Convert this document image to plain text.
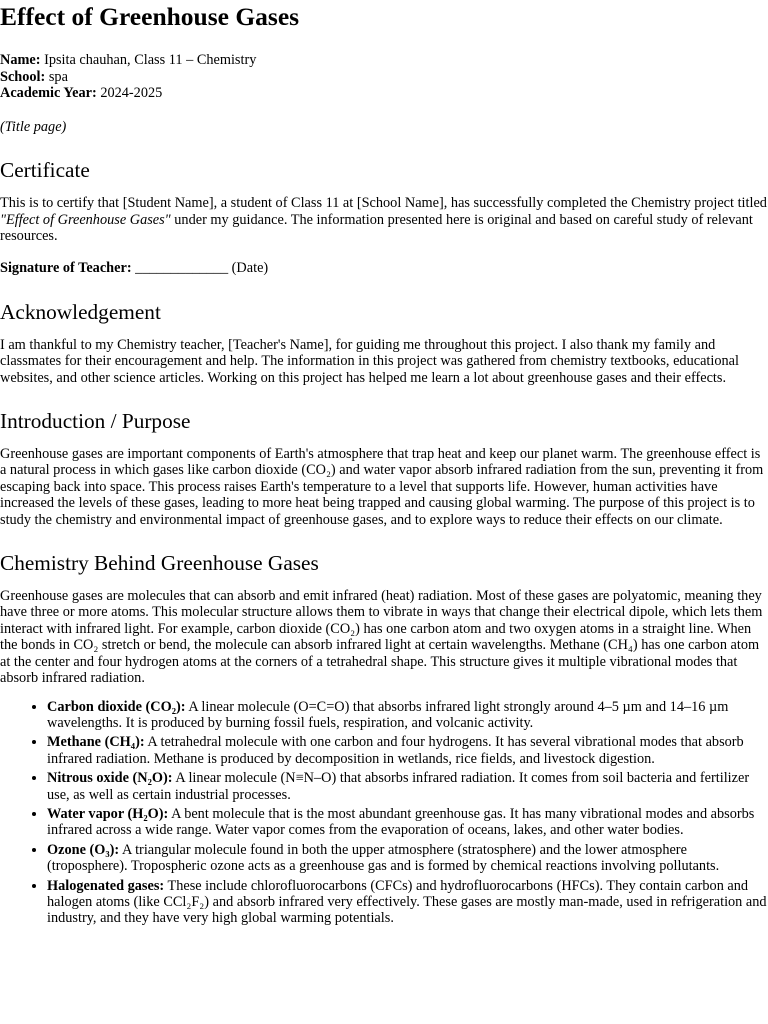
Effect of Greenhouse Gases
Name: Ipsita chauhan, Class 11 – Chemistry
School: spa
Academic Year: 2024-2025

(Title page)

Certificate

This is to certify that [Student Name], a student of Class 11 at [School Name], has successfully completed the Chemistry project titled "Effect of Greenhouse Gases" under my guidance. The information presented here is original and based on careful study of relevant resources.

Signature of Teacher: _____________ (Date)

Acknowledgement

I am thankful to my Chemistry teacher, [Teacher's Name], for guiding me throughout this project. I also thank my family and classmates for their encouragement and help. The information in this project was gathered from chemistry textbooks, educational websites, and other science articles. Working on this project has helped me learn a lot about greenhouse gases and their effects.

Introduction / Purpose

Greenhouse gases are important components of Earth's atmosphere that trap heat and keep our planet warm. The greenhouse effect is a natural process in which gases like carbon dioxide (CO₂) and water vapor absorb infrared radiation from the sun, preventing it from escaping back into space. This process raises Earth's temperature to a level that supports life. However, human activities have increased the levels of these gases, leading to more heat being trapped and causing global warming. The purpose of this project is to study the chemistry and environmental impact of greenhouse gases, and to explore ways to reduce their effects on our climate.

Chemistry Behind Greenhouse Gases

Greenhouse gases are molecules that can absorb and emit infrared (heat) radiation. Most of these gases are polyatomic, meaning they have three or more atoms. This molecular structure allows them to vibrate in ways that change their electrical dipole, which lets them interact with infrared light. For example, carbon dioxide (CO₂) has one carbon atom and two oxygen atoms in a straight line. When the bonds in CO₂ stretch or bend, the molecule can absorb infrared light at certain wavelengths. Methane (CH₄) has one carbon atom at the center and four hydrogen atoms at the corners of a tetrahedral shape. This structure gives it multiple vibrational modes that absorb infrared radiation.

• Carbon dioxide (CO₂): A linear molecule (O=C=O) that absorbs infrared light strongly around 4–5 µm and 14–16 µm wavelengths. It is produced by burning fossil fuels, respiration, and volcanic activity.
• Methane (CH₄): A tetrahedral molecule with one carbon and four hydrogens. It has several vibrational modes that absorb infrared radiation. Methane is produced by decomposition in wetlands, rice fields, and livestock digestion.
• Nitrous oxide (N₂O): A linear molecule (N≡N–O) that absorbs infrared radiation. It comes from soil bacteria and fertilizer use, as well as certain industrial processes.
• Water vapor (H₂O): A bent molecule that is the most abundant greenhouse gas. It has many vibrational modes and absorbs infrared across a wide range. Water vapor comes from the evaporation of oceans, lakes, and other water bodies.
• Ozone (O₃): A triangular molecule found in both the upper atmosphere (stratosphere) and the lower atmosphere (troposphere). Tropospheric ozone acts as a greenhouse gas and is formed by chemical reactions involving pollutants.
• Halogenated gases: These include chlorofluorocarbons (CFCs) and hydrofluorocarbons (HFCs). They contain carbon and halogen atoms (like CCl₂F₂) and absorb infrared very effectively. These gases are mostly man-made, used in refrigeration and industry, and they have very high global warming potentials.
